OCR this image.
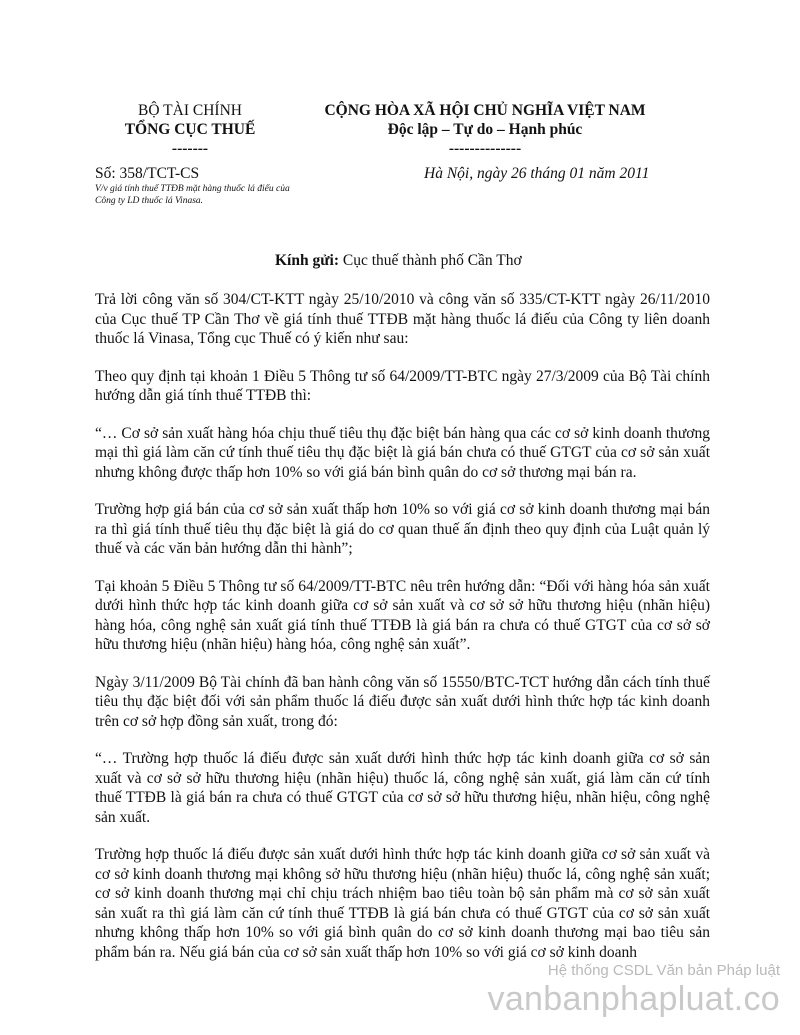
BỘ TÀI CHÍNH
TỔNG CỤC THUẾ
-------
CỘNG HÒA XÃ HỘI CHỦ NGHĨA VIỆT NAM
Độc lập – Tự do – Hạnh phúc
--------------
Số: 358/TCT-CS
V/v giá tính thuế TTĐB mặt hàng thuốc lá điếu của Công ty LD thuốc lá Vinasa.
Hà Nội, ngày 26 tháng 01 năm 2011
Kính gửi: Cục thuế thành phố Cần Thơ

Trả lời công văn số 304/CT-KTT ngày 25/10/2010 và công văn số 335/CT-KTT ngày 26/11/2010 của Cục thuế TP Cần Thơ về giá tính thuế TTĐB mặt hàng thuốc lá điếu của Công ty liên doanh thuốc lá Vinasa, Tổng cục Thuế có ý kiến như sau:

Theo quy định tại khoản 1 Điều 5 Thông tư số 64/2009/TT-BTC ngày 27/3/2009 của Bộ Tài chính hướng dẫn giá tính thuế TTĐB thì:

“… Cơ sở sản xuất hàng hóa chịu thuế tiêu thụ đặc biệt bán hàng qua các cơ sở kinh doanh thương mại thì giá làm căn cứ tính thuế tiêu thụ đặc biệt là giá bán chưa có thuế GTGT của cơ sở sản xuất nhưng không được thấp hơn 10% so với giá bán bình quân do cơ sở thương mại bán ra.

Trường hợp giá bán của cơ sở sản xuất thấp hơn 10% so với giá cơ sở kinh doanh thương mại bán ra thì giá tính thuế tiêu thụ đặc biệt là giá do cơ quan thuế ấn định theo quy định của Luật quản lý thuế và các văn bản hướng dẫn thi hành”;

Tại khoản 5 Điều 5 Thông tư số 64/2009/TT-BTC nêu trên hướng dẫn: “Đối với hàng hóa sản xuất dưới hình thức hợp tác kinh doanh giữa cơ sở sản xuất và cơ sở sở hữu thương hiệu (nhãn hiệu) hàng hóa, công nghệ sản xuất giá tính thuế TTĐB là giá bán ra chưa có thuế GTGT của cơ sở sở hữu thương hiệu (nhãn hiệu) hàng hóa, công nghệ sản xuất”.

Ngày 3/11/2009 Bộ Tài chính đã ban hành công văn số 15550/BTC-TCT hướng dẫn cách tính thuế tiêu thụ đặc biệt đối với sản phẩm thuốc lá điếu được sản xuất dưới hình thức hợp tác kinh doanh trên cơ sở hợp đồng sản xuất, trong đó:

“… Trường hợp thuốc lá điếu được sản xuất dưới hình thức hợp tác kinh doanh giữa cơ sở sản xuất và cơ sở sở hữu thương hiệu (nhãn hiệu) thuốc lá, công nghệ sản xuất, giá làm căn cứ tính thuế TTĐB là giá bán ra chưa có thuế GTGT của cơ sở sở hữu thương hiệu, nhãn hiệu, công nghệ sản xuất.

Trường hợp thuốc lá điếu được sản xuất dưới hình thức hợp tác kinh doanh giữa cơ sở sản xuất và cơ sở kinh doanh thương mại không sở hữu thương hiệu (nhãn hiệu) thuốc lá, công nghệ sản xuất; cơ sở kinh doanh thương mại chỉ chịu trách nhiệm bao tiêu toàn bộ sản phẩm mà cơ sở sản xuất sản xuất ra thì giá làm căn cứ tính thuế TTĐB là giá bán chưa có thuế GTGT của cơ sở sản xuất nhưng không thấp hơn 10% so với giá bình quân do cơ sở kinh doanh thương mại bao tiêu sản phẩm bán ra. Nếu giá bán của cơ sở sản xuất thấp hơn 10% so với giá cơ sở kinh doanh

Hệ thống CSDL Văn bản Pháp luật
vanbanphapluat.co
